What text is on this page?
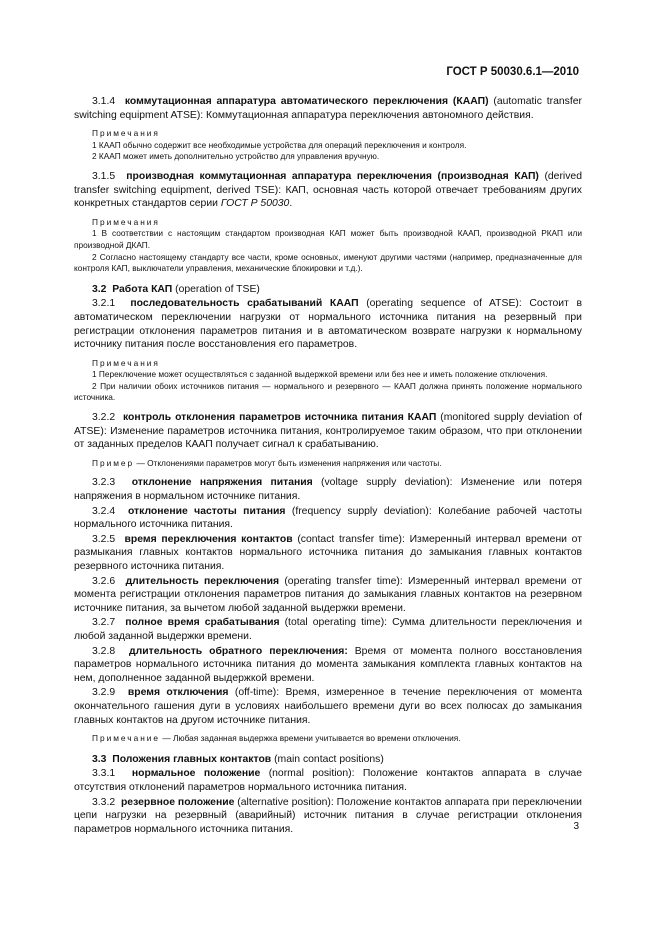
ГОСТ Р 50030.6.1—2010

3.1.4 коммутационная аппаратура автоматического переключения (КААП) (automatic transfer switching equipment ATSE): Коммутационная аппаратура переключения автономного действия.

Примечания

1 КААП обычно содержит все необходимые устройства для операций переключения и контроля.

2 КААП может иметь дополнительно устройство для управления вручную.

3.1.5 производная коммутационная аппаратура переключения (производная КАП) (derived transfer switching equipment, derived TSE): КАП, основная часть которой отвечает требованиям других конкретных стандартов серии ГОСТ Р 50030.

Примечания

1 В соответствии с настоящим стандартом производная КАП может быть производной КААП, производной РКАП или производной ДКАП.

2 Согласно настоящему стандарту все части, кроме основных, именуют другими частями (например, предназначенные для контроля КАП, выключатели управления, механические блокировки и т.д.).

3.2 Работа КАП (operation of TSE)

3.2.1 последовательность срабатываний КААП (operating sequence of ATSE): Состоит в автоматическом переключении нагрузки от нормального источника питания на резервный при регистрации отклонения параметров питания и в автоматическом возврате нагрузки к нормальному источнику питания после восстановления его параметров.

Примечания

1 Переключение может осуществляться с заданной выдержкой времени или без нее и иметь положение отключения.

2 При наличии обоих источников питания — нормального и резервного — КААП должна принять положение нормального источника.

3.2.2 контроль отклонения параметров источника питания КААП (monitored supply deviation of ATSE): Изменение параметров источника питания, контролируемое таким образом, что при отклонении от заданных пределов КААП получает сигнал к срабатыванию.

Пример — Отклонениями параметров могут быть изменения напряжения или частоты.

3.2.3 отклонение напряжения питания (voltage supply deviation): Изменение или потеря напряжения в нормальном источнике питания.

3.2.4 отклонение частоты питания (frequency supply deviation): Колебание рабочей частоты нормального источника питания.

3.2.5 время переключения контактов (contact transfer time): Измеренный интервал времени от размыкания главных контактов нормального источника питания до замыкания главных контактов резервного источника питания.

3.2.6 длительность переключения (operating transfer time): Измеренный интервал времени от момента регистрации отклонения параметров питания до замыкания главных контактов на резервном источнике питания, за вычетом любой заданной выдержки времени.

3.2.7 полное время срабатывания (total operating time): Сумма длительности переключения и любой заданной выдержки времени.

3.2.8 длительность обратного переключения: Время от момента полного восстановления параметров нормального источника питания до момента замыкания комплекта главных контактов на нем, дополненное заданной выдержкой времени.

3.2.9 время отключения (off-time): Время, измеренное в течение переключения от момента окончательного гашения дуги в условиях наибольшего времени дуги во всех полюсах до замыкания главных контактов на другом источнике питания.

Примечание — Любая заданная выдержка времени учитывается во времени отключения.

3.3 Положения главных контактов (main contact positions)

3.3.1 нормальное положение (normal position): Положение контактов аппарата в случае отсутствия отклонений параметров нормального источника питания.

3.3.2 резервное положение (alternative position): Положение контактов аппарата при переключении цепи нагрузки на резервный (аварийный) источник питания в случае регистрации отклонения параметров нормального источника питания.	3
